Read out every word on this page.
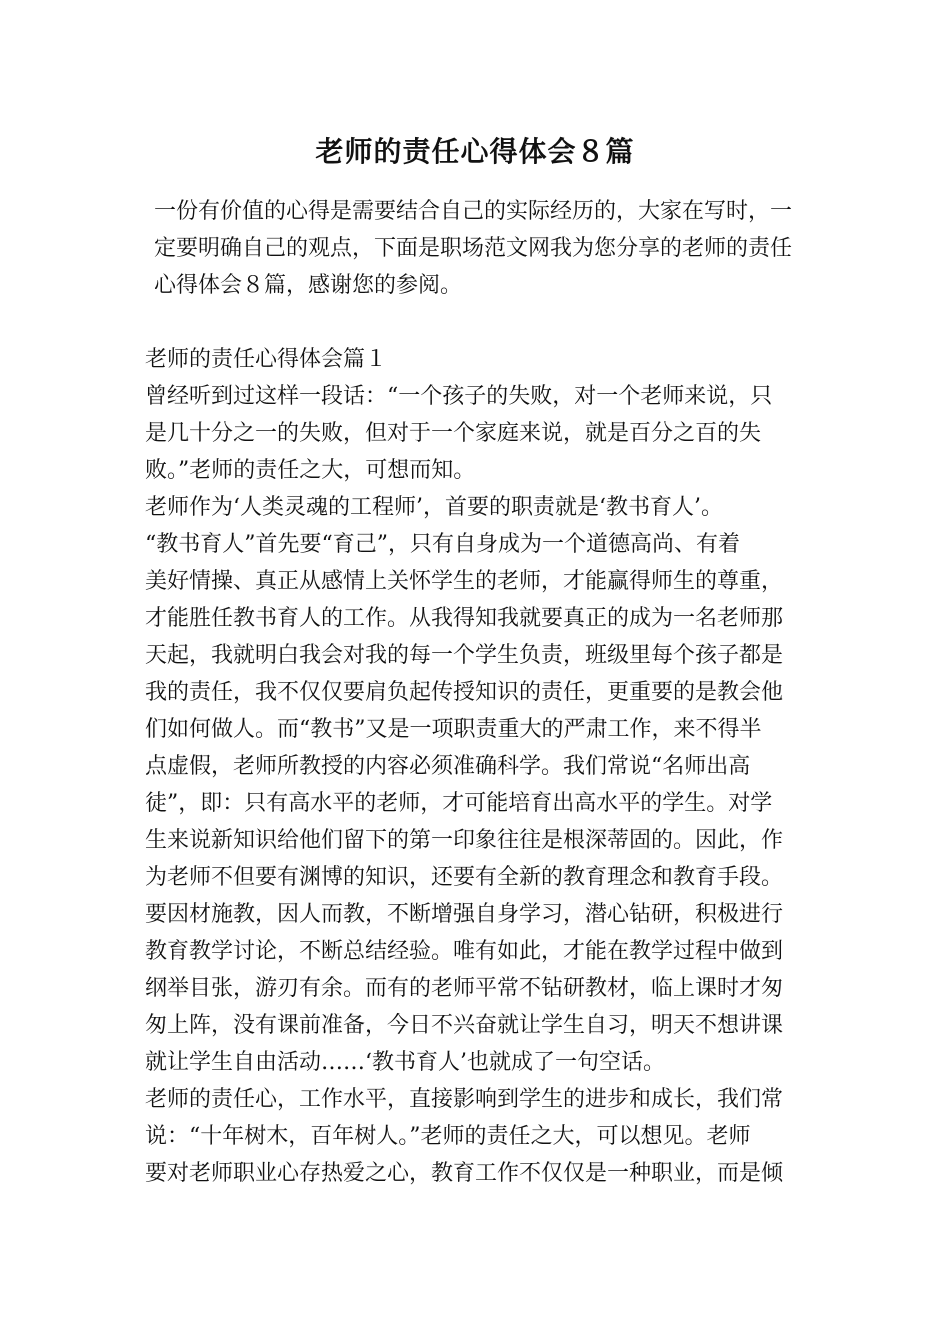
老师的责任心得体会８篇
一份有价值的心得是需要结合自己的实际经历的，大家在写时，一
定要明确自己的观点，下面是职场范文网我为您分享的老师的责任
心得体会８篇，感谢您的参阅。
老师的责任心得体会篇１
曾经听到过这样一段话：“一个孩子的失败，对一个老师来说，只
是几十分之一的失败，但对于一个家庭来说，就是百分之百的失
败。”老师的责任之大，可想而知。
老师作为‘人类灵魂的工程师’，首要的职责就是‘教书育人’。
“教书育人”首先要“育己”，只有自身成为一个道德高尚、有着
美好情操、真正从感情上关怀学生的老师，才能赢得师生的尊重，
才能胜任教书育人的工作。从我得知我就要真正的成为一名老师那
天起，我就明白我会对我的每一个学生负责，班级里每个孩子都是
我的责任，我不仅仅要肩负起传授知识的责任，更重要的是教会他
们如何做人。而“教书”又是一项职责重大的严肃工作，来不得半
点虚假，老师所教授的内容必须准确科学。我们常说“名师出高
徒”，即：只有高水平的老师，才可能培育出高水平的学生。对学
生来说新知识给他们留下的第一印象往往是根深蒂固的。因此，作
为老师不但要有渊博的知识，还要有全新的教育理念和教育手段。
要因材施教，因人而教，不断增强自身学习，潜心钻研，积极进行
教育教学讨论，不断总结经验。唯有如此，才能在教学过程中做到
纲举目张，游刃有余。而有的老师平常不钻研教材，临上课时才匆
匆上阵，没有课前准备，今日不兴奋就让学生自习，明天不想讲课
就让学生自由活动……‘教书育人’也就成了一句空话。
老师的责任心，工作水平，直接影响到学生的进步和成长，我们常
说：“十年树木，百年树人。”老师的责任之大，可以想见。老师
要对老师职业心存热爱之心，教育工作不仅仅是一种职业，而是倾
